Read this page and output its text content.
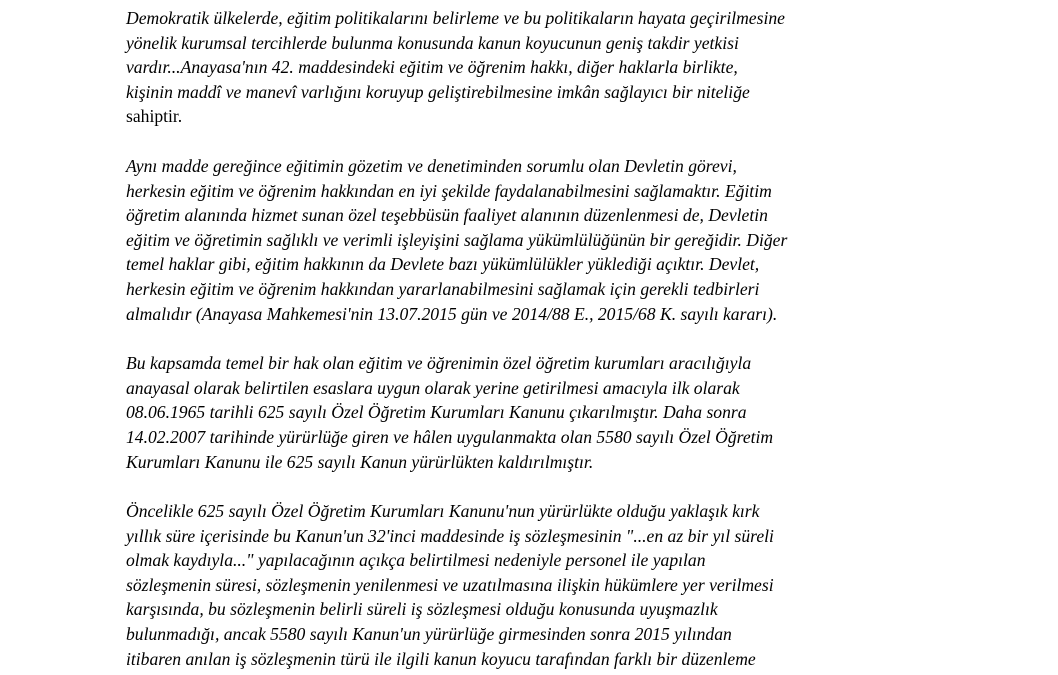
Demokratik ülkelerde, eğitim politikalarını belirleme ve bu politikaların hayata geçirilmesine
yönelik kurumsal tercihlerde bulunma konusunda kanun koyucunun geniş takdir yetkisi
vardır...Anayasa'nın 42. maddesindeki eğitim ve öğrenim hakkı, diğer haklarla birlikte,
kişinin maddî ve manevî varlığını koruyup geliştirebilmesine imkân sağlayıcı bir niteliğe
sahiptir.

Aynı madde gereğince eğitimin gözetim ve denetiminden sorumlu olan Devletin görevi,
herkesin eğitim ve öğrenim hakkından en iyi şekilde faydalanabilmesini sağlamaktır. Eğitim
öğretim alanında hizmet sunan özel teşebbüsün faaliyet alanının düzenlenmesi de, Devletin
eğitim ve öğretimin sağlıklı ve verimli işleyişini sağlama yükümlülüğünün bir gereğidir. Diğer
temel haklar gibi, eğitim hakkının da Devlete bazı yükümlülükler yüklediği açıktır. Devlet,
herkesin eğitim ve öğrenim hakkından yararlanabilmesini sağlamak için gerekli tedbirleri
almalıdır (Anayasa Mahkemesi'nin 13.07.2015 gün ve 2014/88 E., 2015/68 K. sayılı kararı).

Bu kapsamda temel bir hak olan eğitim ve öğrenimin özel öğretim kurumları aracılığıyla
anayasal olarak belirtilen esaslara uygun olarak yerine getirilmesi amacıyla ilk olarak
08.06.1965 tarihli 625 sayılı Özel Öğretim Kurumları Kanunu çıkarılmıştır. Daha sonra
14.02.2007 tarihinde yürürlüğe giren ve hâlen uygulanmakta olan 5580 sayılı Özel Öğretim
Kurumları Kanunu ile 625 sayılı Kanun yürürlükten kaldırılmıştır.

Öncelikle 625 sayılı Özel Öğretim Kurumları Kanunu'nun yürürlükte olduğu yaklaşık kırk
yıllık süre içerisinde bu Kanun'un 32'inci maddesinde iş sözleşmesinin "...en az bir yıl süreli
olmak kaydıyla..." yapılacağının açıkça belirtilmesi nedeniyle personel ile yapılan
sözleşmenin süresi, sözleşmenin yenilenmesi ve uzatılmasına ilişkin hükümlere yer verilmesi
karşısında, bu sözleşmenin belirli süreli iş sözleşmesi olduğu konusunda uyuşmazlık
bulunmadığı, ancak 5580 sayılı Kanun'un yürürlüğe girmesinden sonra 2015 yılından
itibaren anılan iş sözleşmenin türü ile ilgili kanun koyucu tarafından farklı bir düzenleme
